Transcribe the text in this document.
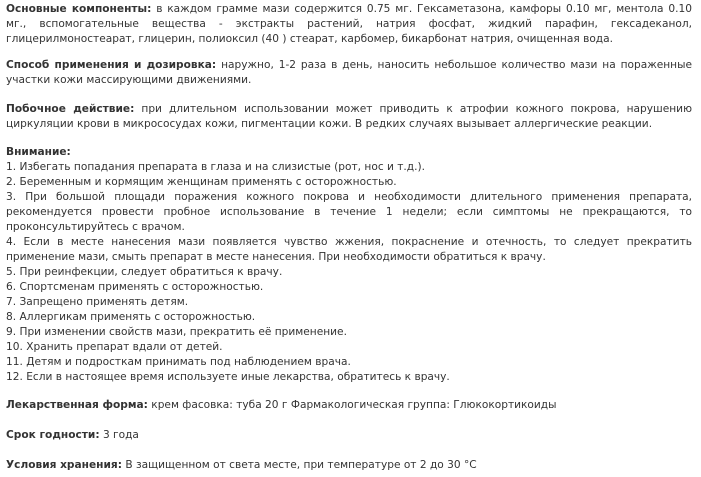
Основные компоненты: в каждом грамме мази содержится 0.75 мг. Гексаметазона, камфоры 0.10 мг, ментола 0.10 мг., вспомогательные вещества - экстракты растений, натрия фосфат, жидкий парафин, гексадеканол, глицерилмоностеарат, глицерин, полиоксил (40 ) стеарат, карбомер, бикарбонат натрия, очищенная вода.
Способ применения и дозировка: наружно, 1-2 раза в день, наносить небольшое количество мази на пораженные участки кожи массирующими движениями.
Побочное действие: при длительном использовании может приводить к атрофии кожного покрова, нарушению циркуляции крови в микрососудах кожи, пигментации кожи. В редких случаях вызывает аллергические реакции.
Внимание:
1. Избегать попадания препарата в глаза и на слизистые (рот, нос и т.д.).
2. Беременным и кормящим женщинам применять с осторожностью.
3. При большой площади поражения кожного покрова и необходимости длительного применения препарата, рекомендуется провести пробное использование в течение 1 недели; если симптомы не прекращаются, то проконсультируйтесь с врачом.
4. Если в месте нанесения мази появляется чувство жжения, покраснение и отечность, то следует прекратить применение мази, смыть препарат в месте нанесения. При необходимости обратиться к врачу.
5. При реинфекции, следует обратиться к врачу.
6. Спортсменам применять с осторожностью.
7. Запрещено применять детям.
8. Аллергикам применять с осторожностью.
9. При изменении свойств мази, прекратить её применение.
10. Хранить препарат вдали от детей.
11. Детям и подросткам принимать под наблюдением врача.
12. Если в настоящее время используете иные лекарства, обратитесь к врачу.
Лекарственная форма: крем фасовка: туба 20 г Фармакологическая группа: Глюкокортикоиды
Срок годности: 3 года
Условия хранения: В защищенном от света месте, при температуре от 2 до 30 °С
